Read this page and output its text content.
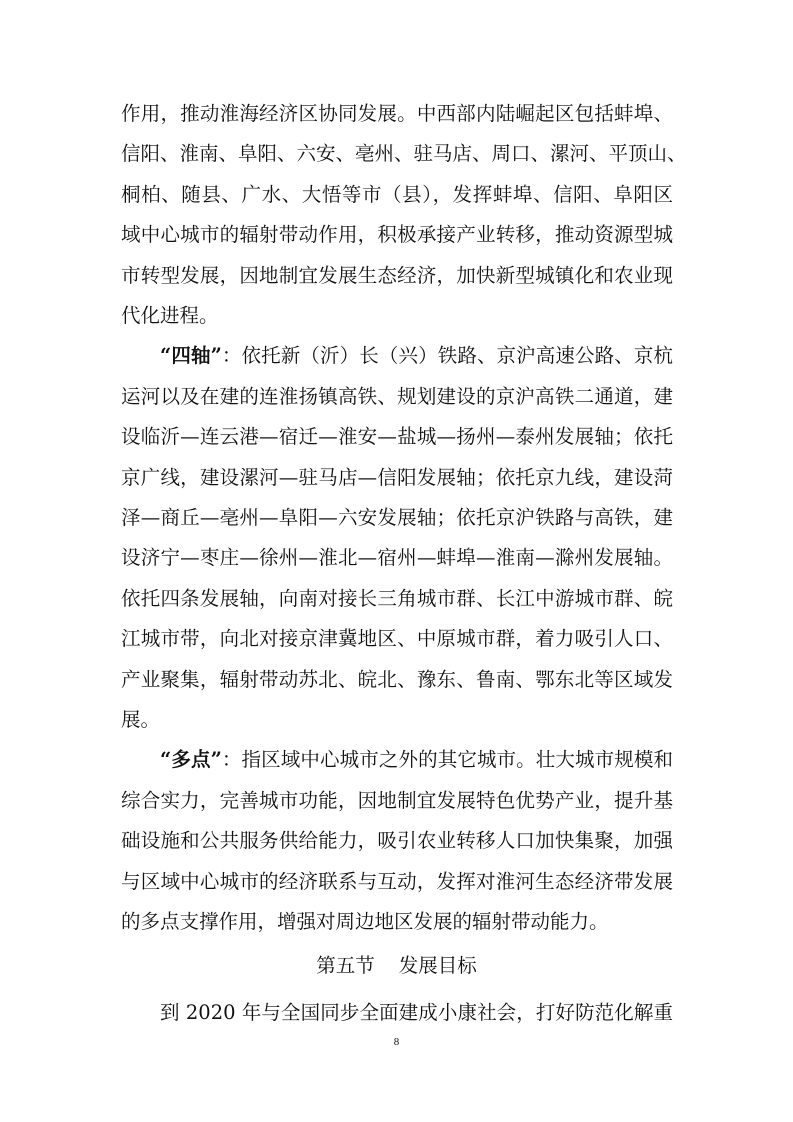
作用，推动淮海经济区协同发展。中西部内陆崛起区包括蚌埠、
信阳、淮南、阜阳、六安、亳州、驻马店、周口、漯河、平顶山、
桐柏、随县、广水、大悟等市（县），发挥蚌埠、信阳、阜阳区
域中心城市的辐射带动作用，积极承接产业转移，推动资源型城
市转型发展，因地制宜发展生态经济，加快新型城镇化和农业现
代化进程。
“四轴”：依托新（沂）长（兴）铁路、京沪高速公路、京杭
运河以及在建的连淮扬镇高铁、规划建设的京沪高铁二通道，建
设临沂—连云港—宿迁—淮安—盐城—扬州—泰州发展轴；依托
京广线，建设漯河—驻马店—信阳发展轴；依托京九线，建设菏
泽—商丘—亳州—阜阳—六安发展轴；依托京沪铁路与高铁，建
设济宁—枣庄—徐州—淮北—宿州—蚌埠—淮南—滁州发展轴。
依托四条发展轴，向南对接长三角城市群、长江中游城市群、皖
江城市带，向北对接京津冀地区、中原城市群，着力吸引人口、
产业聚集，辐射带动苏北、皖北、豫东、鲁南、鄂东北等区域发
展。
“多点”：指区域中心城市之外的其它城市。壮大城市规模和
综合实力，完善城市功能，因地制宜发展特色优势产业，提升基
础设施和公共服务供给能力，吸引农业转移人口加快集聚，加强
与区域中心城市的经济联系与互动，发挥对淮河生态经济带发展
的多点支撑作用，增强对周边地区发展的辐射带动能力。
第五节 发展目标
到 2020 年与全国同步全面建成小康社会，打好防范化解重
8
